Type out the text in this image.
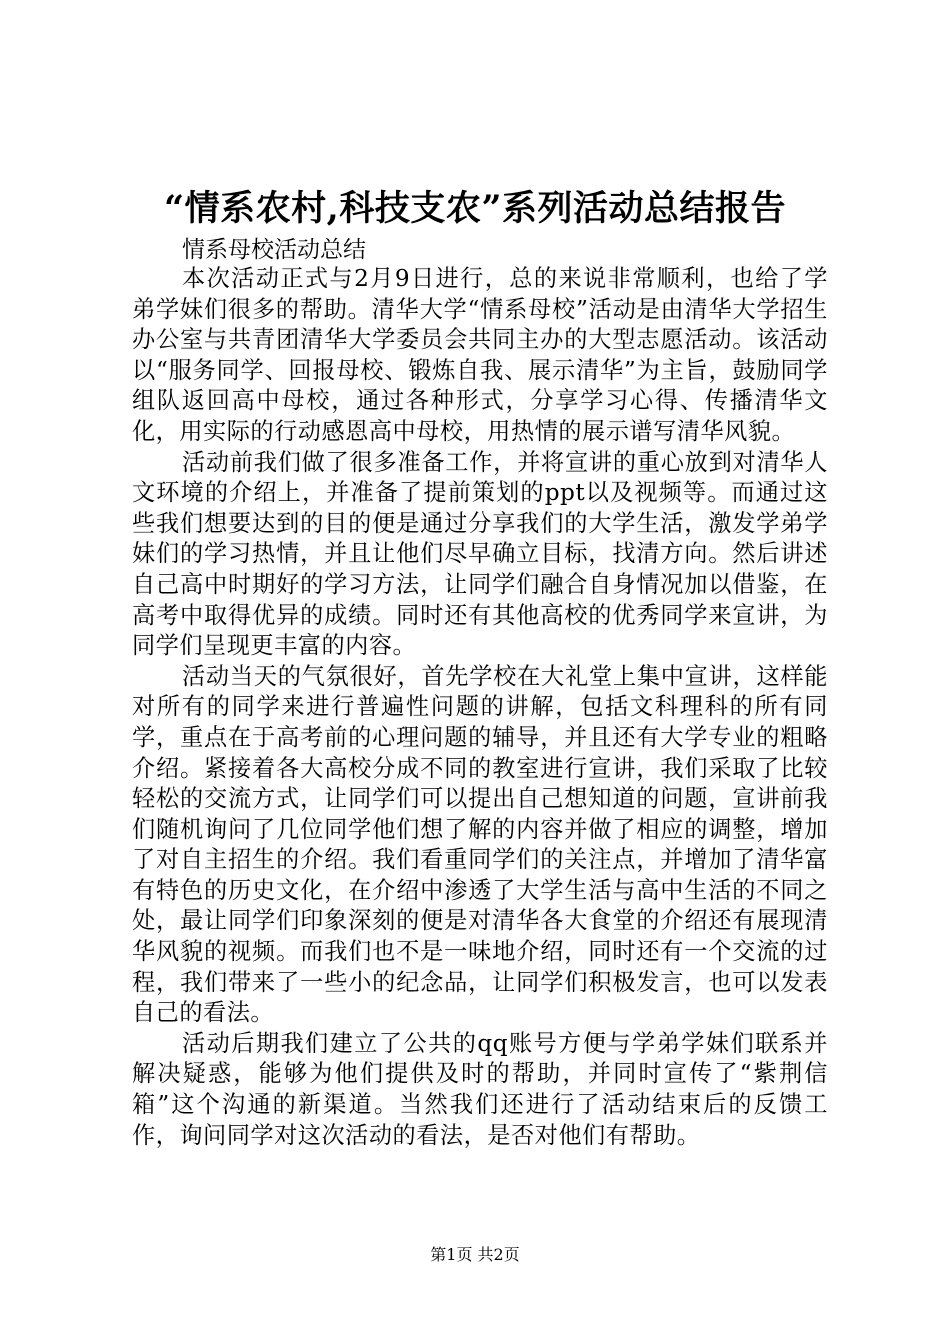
“情系农村,科技支农”系列活动总结报告
情系母校活动总结

本次活动正式与2月9日进行，总的来说非常顺利，也给了学弟学妹们很多的帮助。清华大学“情系母校”活动是由清华大学招生办公室与共青团清华大学委员会共同主办的大型志愿活动。该活动以“服务同学、回报母校、锻炼自我、展示清华”为主旨，鼓励同学组队返回高中母校，通过各种形式，分享学习心得、传播清华文化，用实际的行动感恩高中母校，用热情的展示谱写清华风貌。

活动前我们做了很多准备工作，并将宣讲的重心放到对清华人文环境的介绍上，并准备了提前策划的ppt以及视频等。而通过这些我们想要达到的目的便是通过分享我们的大学生活，激发学弟学妹们的学习热情，并且让他们尽早确立目标，找清方向。然后讲述自己高中时期好的学习方法，让同学们融合自身情况加以借鉴，在高考中取得优异的成绩。同时还有其他高校的优秀同学来宣讲，为同学们呈现更丰富的内容。

活动当天的气氛很好，首先学校在大礼堂上集中宣讲，这样能对所有的同学来进行普遍性问题的讲解，包括文科理科的所有同学，重点在于高考前的心理问题的辅导，并且还有大学专业的粗略介绍。紧接着各大高校分成不同的教室进行宣讲，我们采取了比较轻松的交流方式，让同学们可以提出自己想知道的问题，宣讲前我们随机询问了几位同学他们想了解的内容并做了相应的调整，增加了对自主招生的介绍。我们看重同学们的关注点，并增加了清华富有特色的历史文化，在介绍中渗透了大学生活与高中生活的不同之处，最让同学们印象深刻的便是对清华各大食堂的介绍还有展现清华风貌的视频。而我们也不是一味地介绍，同时还有一个交流的过程，我们带来了一些小的纪念品，让同学们积极发言，也可以发表自己的看法。

活动后期我们建立了公共的qq账号方便与学弟学妹们联系并解决疑惑，能够为他们提供及时的帮助，并同时宣传了“紫荆信箱”这个沟通的新渠道。当然我们还进行了活动结束后的反馈工作，询问同学对这次活动的看法，是否对他们有帮助。

第1页 共2页
